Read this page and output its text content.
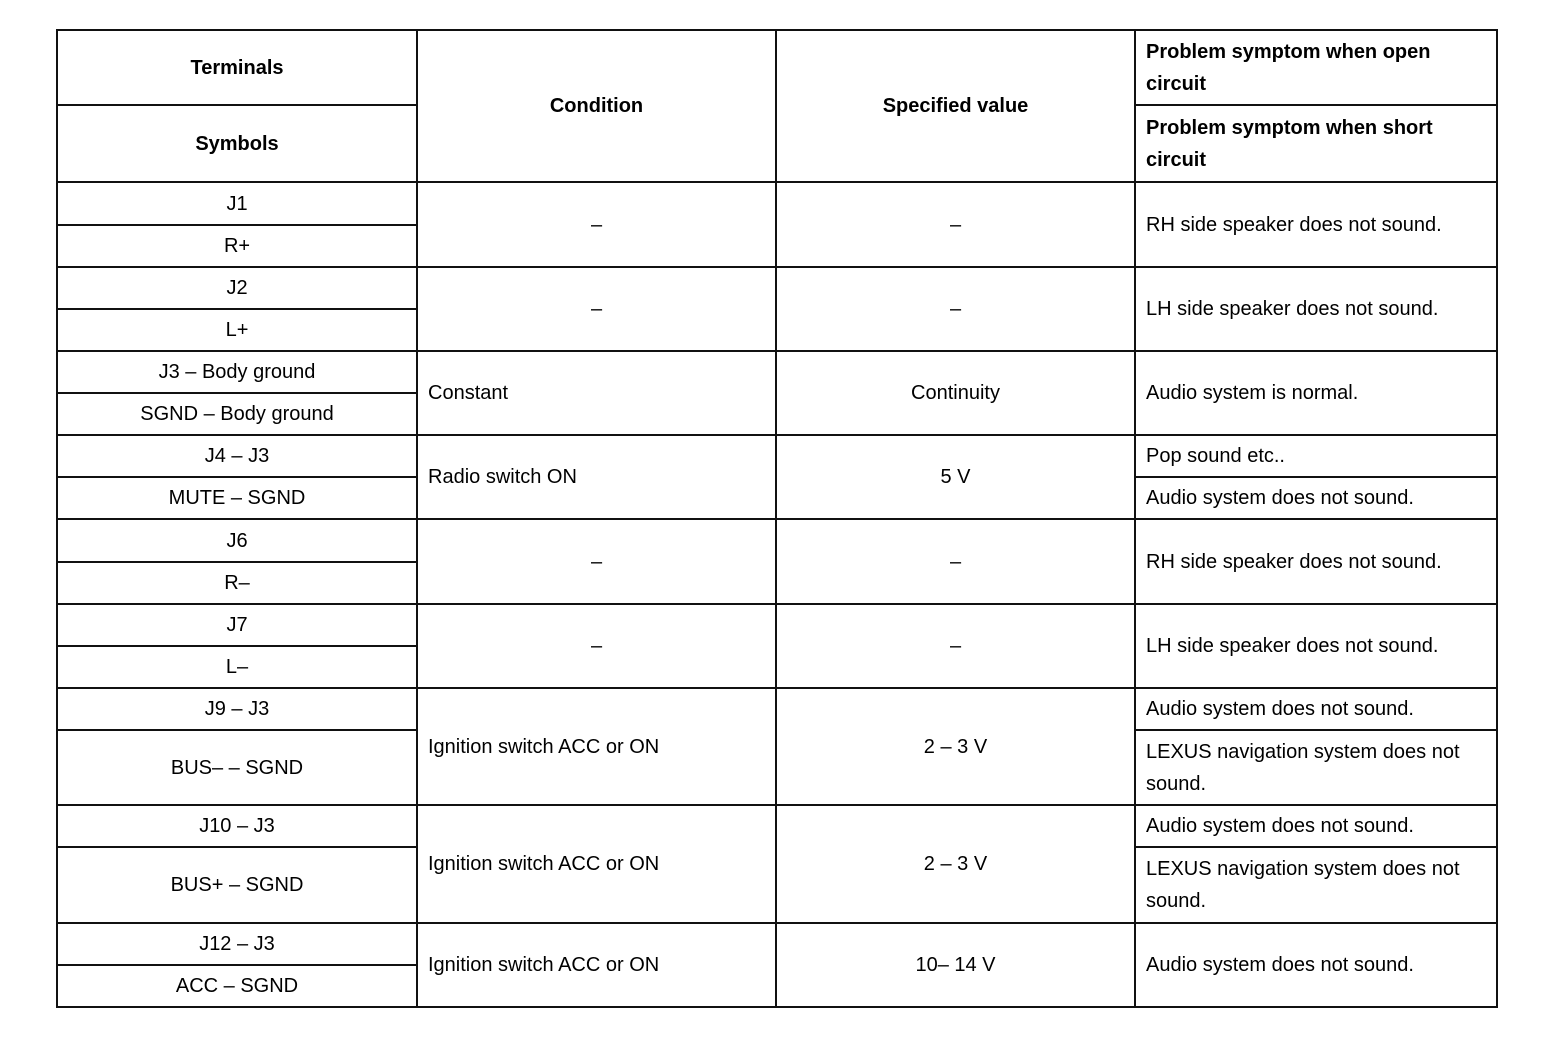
Terminals	Condition	Specified value	Problem symptom when open circuit
Symbols			Problem symptom when short circuit
J1	–	–	RH side speaker does not sound.
R+			
J2	–	–	LH side speaker does not sound.
L+			
J3 – Body ground	Constant	Continuity	Audio system is normal.
SGND – Body ground			
J4 – J3	Radio switch ON	5 V	Pop sound etc..
MUTE – SGND			Audio system does not sound.
J6	–	–	RH side speaker does not sound.
R–			
J7	–	–	LH side speaker does not sound.
L–			
J9 – J3	Ignition switch ACC or ON	2 – 3 V	Audio system does not sound.
BUS– – SGND			LEXUS navigation system does not sound.
J10 – J3	Ignition switch ACC or ON	2 – 3 V	Audio system does not sound.
BUS+ – SGND			LEXUS navigation system does not sound.
J12 – J3	Ignition switch ACC or ON	10– 14 V	Audio system does not sound.
ACC – SGND			
